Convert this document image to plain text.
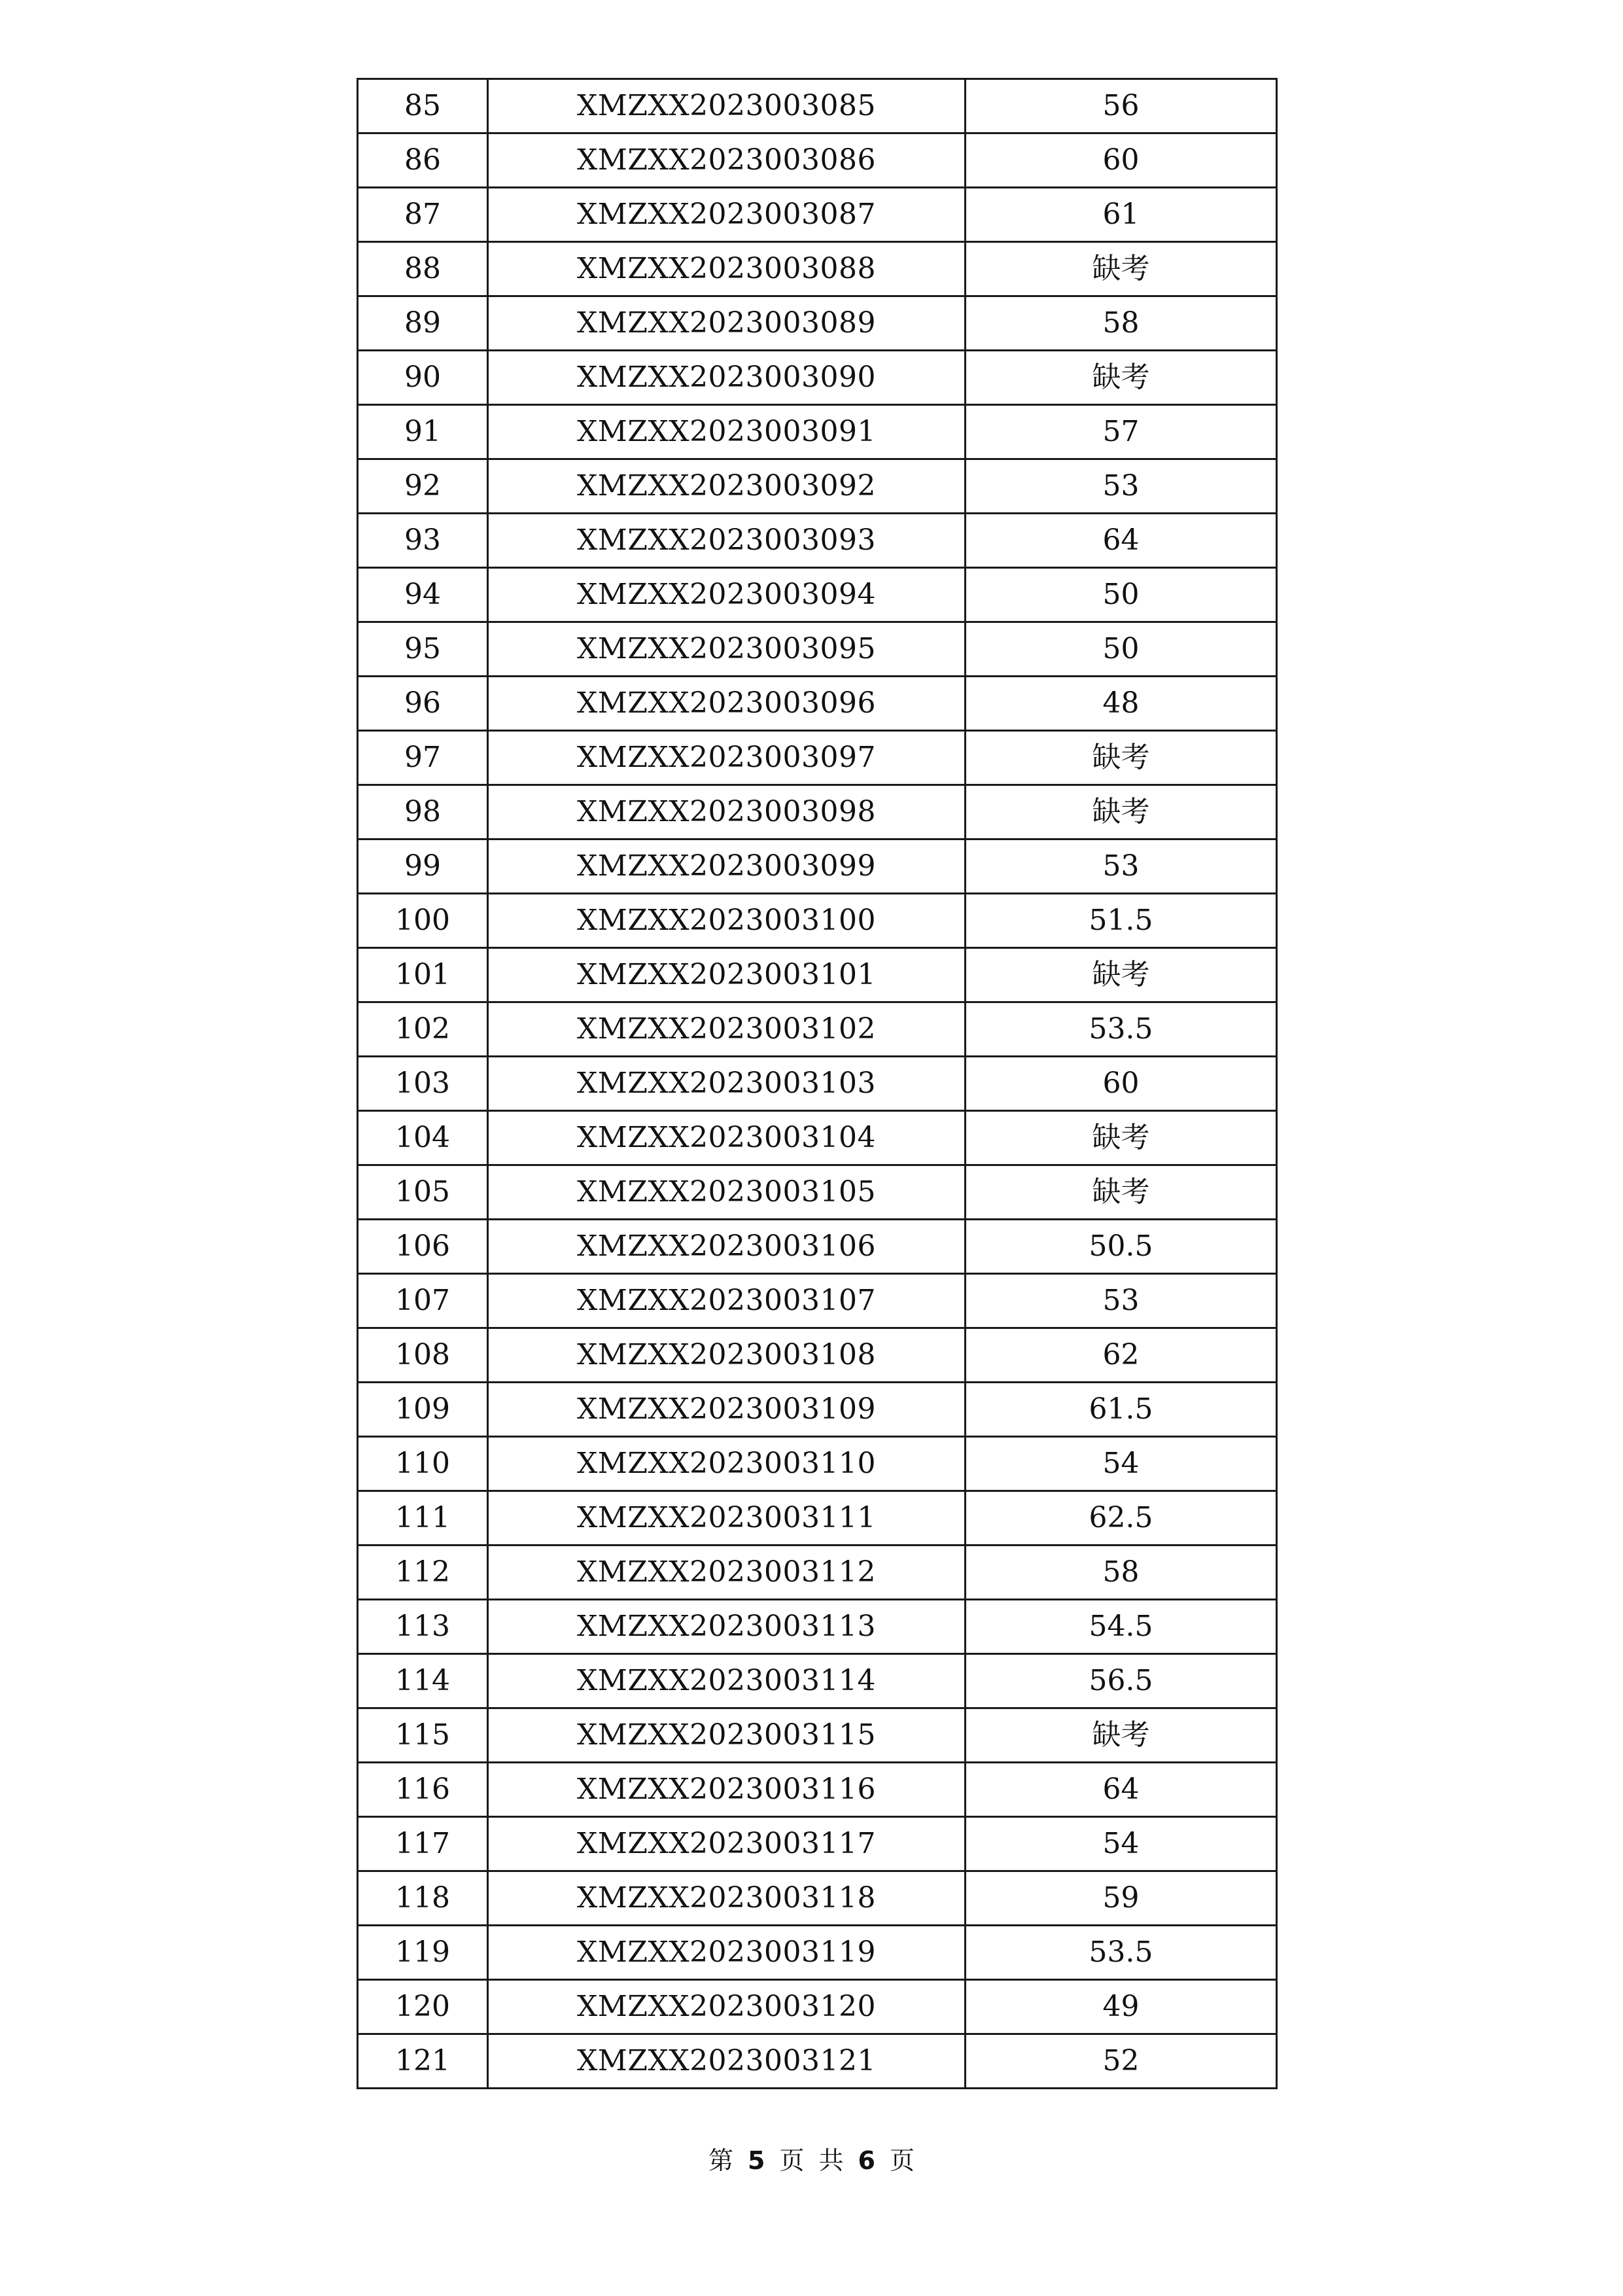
85	XMZXX2023003085	56
86	XMZXX2023003086	60
87	XMZXX2023003087	61
88	XMZXX2023003088	缺考
89	XMZXX2023003089	58
90	XMZXX2023003090	缺考
91	XMZXX2023003091	57
92	XMZXX2023003092	53
93	XMZXX2023003093	64
94	XMZXX2023003094	50
95	XMZXX2023003095	50
96	XMZXX2023003096	48
97	XMZXX2023003097	缺考
98	XMZXX2023003098	缺考
99	XMZXX2023003099	53
100	XMZXX2023003100	51.5
101	XMZXX2023003101	缺考
102	XMZXX2023003102	53.5
103	XMZXX2023003103	60
104	XMZXX2023003104	缺考
105	XMZXX2023003105	缺考
106	XMZXX2023003106	50.5
107	XMZXX2023003107	53
108	XMZXX2023003108	62
109	XMZXX2023003109	61.5
110	XMZXX2023003110	54
111	XMZXX2023003111	62.5
112	XMZXX2023003112	58
113	XMZXX2023003113	54.5
114	XMZXX2023003114	56.5
115	XMZXX2023003115	缺考
116	XMZXX2023003116	64
117	XMZXX2023003117	54
118	XMZXX2023003118	59
119	XMZXX2023003119	53.5
120	XMZXX2023003120	49
121	XMZXX2023003121	52
第 5 页 共 6 页
